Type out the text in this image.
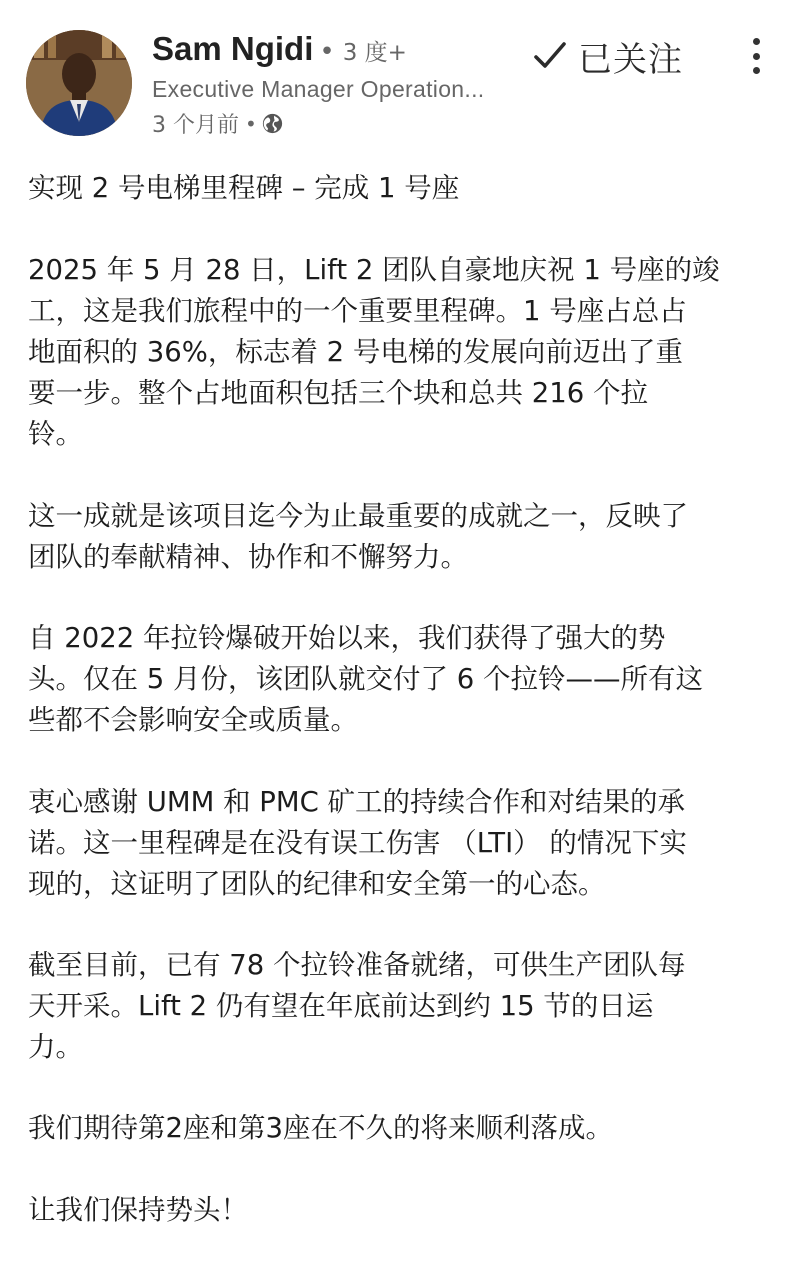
Sam Ngidi • 3 度+
Executive Manager Operation...
3 个月前 •
已关注

实现 2 号电梯里程碑 – 完成 1 号座

2025 年 5 月 28 日，Lift 2 团队自豪地庆祝 1 号座的竣

工，这是我们旅程中的一个重要里程碑。1 号座占总占

地面积的 36%，标志着 2 号电梯的发展向前迈出了重

要一步。整个占地面积包括三个块和总共 216 个拉

铃。

这一成就是该项目迄今为止最重要的成就之一，反映了

团队的奉献精神、协作和不懈努力。

自 2022 年拉铃爆破开始以来，我们获得了强大的势

头。仅在 5 月份，该团队就交付了 6 个拉铃——所有这

些都不会影响安全或质量。

衷心感谢 UMM 和 PMC 矿工的持续合作和对结果的承

诺。这一里程碑是在没有误工伤害 （LTI） 的情况下实

现的，这证明了团队的纪律和安全第一的心态。

截至目前，已有 78 个拉铃准备就绪，可供生产团队每

天开采。Lift 2 仍有望在年底前达到约 15 节的日运

力。

我们期待第2座和第3座在不久的将来顺利落成。

让我们保持势头！
